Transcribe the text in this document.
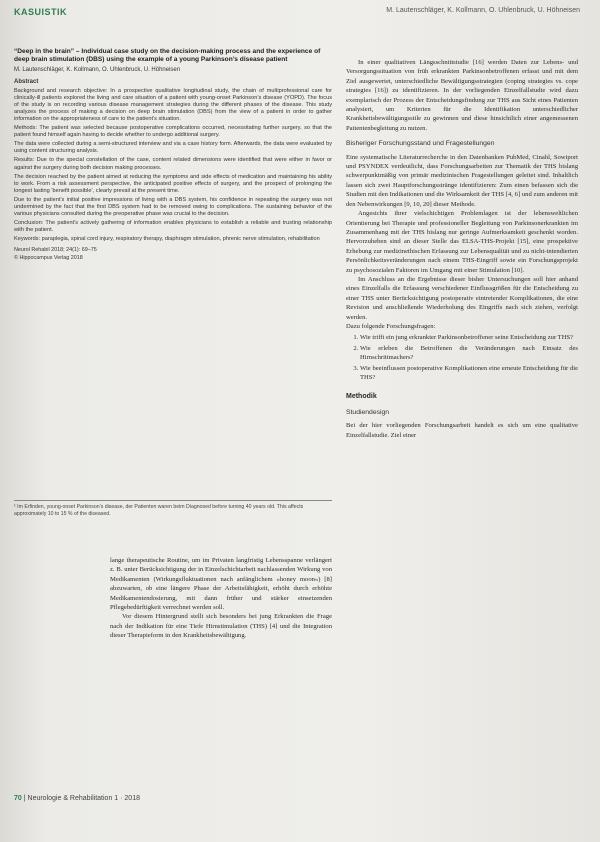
KASUISTIK	M. Lautenschläger, K. Kollmann, O. Uhlenbruck, U. Höhneisen
“Deep in the brain” – Individual case study on the decision-making process and the experience of deep brain stimulation (DBS) using the example of a young Parkinson’s disease patient
M. Lautenschläger, K. Kollmann, O. Uhlenbruck, U. Höhneisen
Abstract

Background and research objective: In a prospective qualitative longitudinal study, the chain of multiprofessional care for clinically-ill patients explored the living and care situation of a patient with young-onset Parkinson’s disease (YOPD). The focus of the study is on recording various disease management strategies during the different phases of the disease. This study analyzes the process of making a decision on deep brain stimulation (DBS) from the view of a patient in order to gather information on the appropriateness of care to the patient’s situation.

Methods: The patient was selected because postoperative complications occurred, necessitating further surgery, so that the patient found himself again having to decide whether to undergo additional surgery.

The data were collected during a semi-structured interview and via a case history form. Afterwards, the data were evaluated by using content structuring analysis.

Results: Due to the special constellation of the case, content related dimensions were identified that were either in favor or against the surgery during both decision making processes.

The decision reached by the patient aimed at reducing the symptoms and side effects of medication and maintaining his ability to work. From a risk assessment perspective, the anticipated positive effects of surgery, and the prospect of prolonging the longest lasting ‘benefit possible’, clearly prevail at the present time.

Due to the patient’s initial positive impressions of living with a DBS system, his confidence in repeating the surgery was not undermined by the fact that the first DBS system had to be removed owing to complications. The sustaining behavior of the various physicians consulted during the preoperative phase was crucial to the decision.

Conclusion: The patient’s actively gathering of information enables physicians to establish a reliable and trusting relationship with the patient.

Keywords: paraplegia, spinal cord injury, respiratory therapy, diaphragm stimulation, phrenic nerve stimulation, rehabilitation

Neurol Rehabil 2018; 24(1): 69–75
© Hippocampus Verlag 2018
¹ Im Erfinden, young-onset Parkinson’s disease, der Patienten waren beim Diagnosed before turning 40 years old. This affects approximately 10 to 15 % of the diseased.

lange therapeutische Routine, um im Privaten langfristig Lebensspanne verlängert z. B. unter Berücksichtigung der in Einzelschichtarbeit nachlassenden Wirkung von Medikamenten (Wirkungsfluktuationen nach anfänglichem »honey moon«) [8] abzuwarten, ob eine längere Phase der Arbeitsfähigkeit, erhöht durch erhöhte Medikamentendosierung, mit dann früher und stärker einsetzenden Pflegebedürftigkeit verrechnet werden soll.

Vor diesem Hintergrund stellt sich besonders bei jung Erkrankten die Frage nach der Indikation für eine Tiefe Hirnstimulation (THS) [4] und die Integration dieser Therapieform in den Krankheitsbewältigung.

In einer qualitativen Längsschnittstudie [16] werden Daten zur Lebens- und Versorgungssituation von früh erkrankten Parkinsonbetroffenen erfasst und mit dem Ziel ausgewertet, unterschiedliche Bewältigungsstrategien (coping strategies vs. cope strategies [16]) zu identifizieren. In der vorliegenden Einzelfallstudie wird dazu exemplarisch der Prozess der Entscheidungsfindung zur THS aus Sicht eines Patienten analysiert, um Kriterien für die Identifikation unterschiedlicher Krankheitsbewältigungsstile zu gewinnen und diese hinsichtlich einer angemessenen Patientenbegleitung zu nutzen.

Bisheriger Forschungsstand und Fragestellungen

Eine systematische Literaturrecherche in den Datenbanken PubMed, Cinahl, Sowiport und PSYNDEX verdeutlicht, dass Forschungsarbeiten zur Thematik der THS bislang schwerpunktmäßig von primär medizinischen Fragestellungen geleitet sind. Inhaltlich lassen sich zwei Hauptforschungsstränge identifizieren: Zum einen befassen sich die Studien mit den Indikationen und die Wirksamkeit der THS [4, 6] und zum anderen mit den Nebenwirkungen [9, 10, 20] dieser Methode.

Angesichts ihrer vielschichtigen Problemlagen ist der lebensweltlichen Orientierung bei Therapie und professioneller Begleitung von Parkinsonerkrankten im Zusammenhang mit der THS bislang nur geringe Aufmerksamkeit geschenkt worden. Hervorzuheben sind an dieser Stelle das ELSA-THS-Projekt [15], eine prospektive Erhebung zur medizinethischen Erfassung zur Lebensqualität und zu nicht-intendierten Persönlichkeitsveränderungen nach einem THS-Eingriff sowie ein Forschungsprojekt zu psychosozialen Faktoren im Umgang mit einer Stimulation [10].

Im Anschluss an die Ergebnisse dieser bisher Untersuchungen soll hier anhand eines Einzelfalls die Erfassung verschiedener Einflussgrößen für die Entscheidung zu einer THS unter Berücksichtigung postoperativ eintretender Komplikationen, die eine Revision und anschließende Wiederholung des Eingriffs nach sich ziehen, verfolgt werden.

Dazu folgende Forschungsfragen:

1. Wie trifft ein jung erkrankter Parkinsonbetroffener seine Entscheidung zur THS?
2. Wie erleben die Betroffenen die Veränderungen nach Einsatz des Hirnschrittmachers?
3. Wie beeinflussen postoperative Komplikationen eine erneute Entscheidung für die THS?
Methodik
Studiendesign

Bei der hier vorliegenden Forschungsarbeit handelt es sich um eine qualitative Einzelfallstudie. Ziel einer

70 | Neurologie & Rehabilitation 1 · 2018
